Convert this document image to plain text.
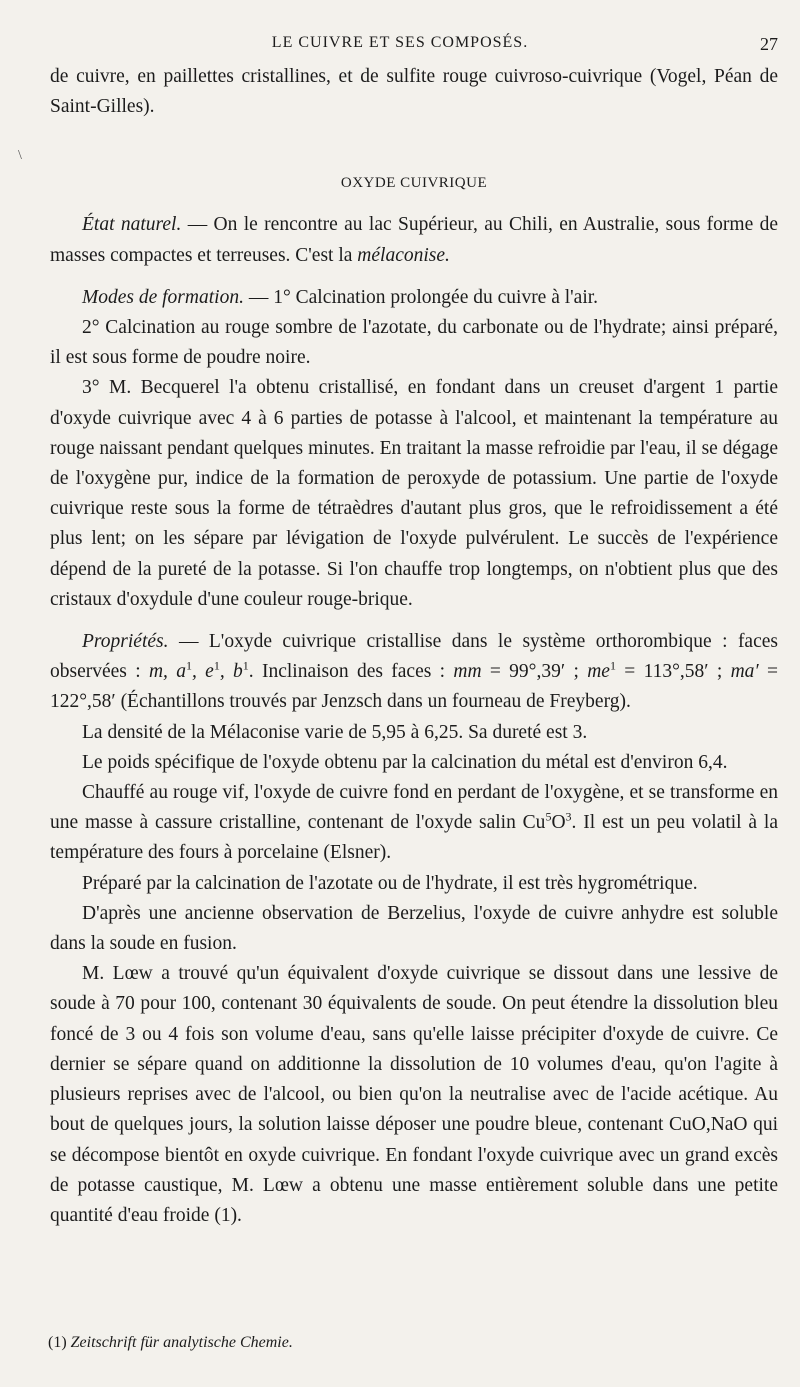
LE CUIVRE ET SES COMPOSÉS.	27
\

de cuivre, en paillettes cristallines, et de sulfite rouge cuivroso-cuivrique (Vogel, Péan de Saint-Gilles).

OXYDE CUIVRIQUE

État naturel. — On le rencontre au lac Supérieur, au Chili, en Australie, sous forme de masses compactes et terreuses. C'est la mélaconise.

Modes de formation. — 1° Calcination prolongée du cuivre à l'air.

2° Calcination au rouge sombre de l'azotate, du carbonate ou de l'hydrate; ainsi préparé, il est sous forme de poudre noire.

3° M. Becquerel l'a obtenu cristallisé, en fondant dans un creuset d'argent 1 partie d'oxyde cuivrique avec 4 à 6 parties de potasse à l'alcool, et maintenant la température au rouge naissant pendant quelques minutes. En traitant la masse refroidie par l'eau, il se dégage de l'oxygène pur, indice de la formation de peroxyde de potassium. Une partie de l'oxyde cuivrique reste sous la forme de tétraèdres d'autant plus gros, que le refroidissement a été plus lent; on les sépare par lévigation de l'oxyde pulvérulent. Le succès de l'expérience dépend de la pureté de la potasse. Si l'on chauffe trop longtemps, on n'obtient plus que des cristaux d'oxydule d'une couleur rouge-brique.

Propriétés. — L'oxyde cuivrique cristallise dans le système orthorombique : faces observées : m, $a^1$, $e^1$, $b^1$. Inclinaison des faces : mm = 99°,39′ ; $me^1 = 113^\circ,58'$ ; ma′ = 122°,58′ (Échantillons trouvés par Jenzsch dans un fourneau de Freyberg).

La densité de la Mélaconise varie de 5,95 à 6,25. Sa dureté est 3.

Le poids spécifique de l'oxyde obtenu par la calcination du métal est d'environ 6,4.

Chauffé au rouge vif, l'oxyde de cuivre fond en perdant de l'oxygène, et se transforme en une masse à cassure cristalline, contenant de l'oxyde salin $Cu^5O^3$. Il est un peu volatil à la température des fours à porcelaine (Elsner).

Préparé par la calcination de l'azotate ou de l'hydrate, il est très hygrométrique.

D'après une ancienne observation de Berzelius, l'oxyde de cuivre anhydre est soluble dans la soude en fusion.

M. Lœw a trouvé qu'un équivalent d'oxyde cuivrique se dissout dans une lessive de soude à 70 pour 100, contenant 30 équivalents de soude. On peut étendre la dissolution bleu foncé de 3 ou 4 fois son volume d'eau, sans qu'elle laisse précipiter d'oxyde de cuivre. Ce dernier se sépare quand on additionne la dissolution de 10 volumes d'eau, qu'on l'agite à plusieurs reprises avec de l'alcool, ou bien qu'on la neutralise avec de l'acide acétique. Au bout de quelques jours, la solution laisse déposer une poudre bleue, contenant CuO,NaO qui se décompose bientôt en oxyde cuivrique. En fondant l'oxyde cuivrique avec un grand excès de potasse caustique, M. Lœw a obtenu une masse entièrement soluble dans une petite quantité d'eau froide (1).

(1) Zeitschrift für analytische Chemie.
